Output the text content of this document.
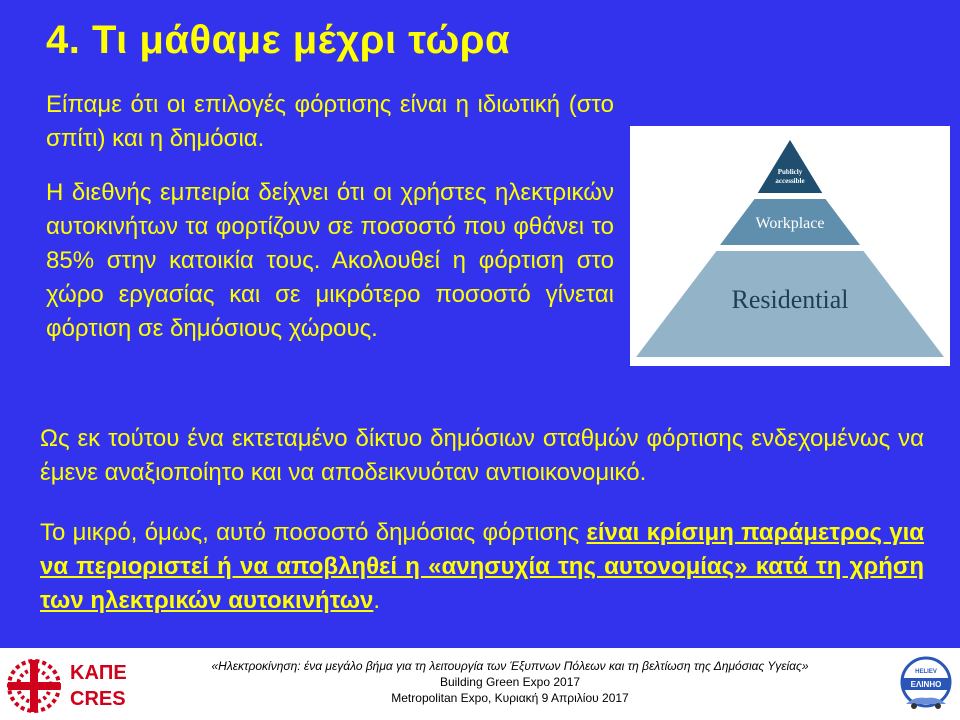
4. Τι μάθαμε μέχρι τώρα
Είπαμε ότι οι επιλογές φόρτισης είναι η ιδιωτική (στο σπίτι) και η δημόσια.
Η διεθνής εμπειρία δείχνει ότι οι χρήστες ηλεκτρικών αυτοκινήτων τα φορτίζουν σε ποσοστό που φθάνει το 85% στην κατοικία τους. Ακολουθεί η φόρτιση στο χώρο εργασίας και σε μικρότερο ποσοστό γίνεται φόρτιση σε δημόσιους χώρους.
Publicly
accessible
Workplace
Residential
Ως εκ τούτου ένα εκτεταμένο δίκτυο δημόσιων σταθμών φόρτισης ενδεχομένως να έμενε αναξιοποίητο και να αποδεικνυόταν αντιοικονομικό.
Το μικρό, όμως, αυτό ποσοστό δημόσιας φόρτισης είναι κρίσιμη παράμετρος για να περιοριστεί ή να αποβληθεί η «ανησυχία της αυτονομίας» κατά τη χρήση των ηλεκτρικών αυτοκινήτων.
ΚΑΠΕ
CRES
«Ηλεκτροκίνηση: ένα μεγάλο βήμα για τη λειτουργία των Έξυπνων Πόλεων και τη βελτίωση της Δημόσιας Υγείας»
Building Green Expo 2017
Metropolitan Expo, Κυριακή 9 Απριλίου 2017
HELIEV
ΕΛΙΝΗΟ
